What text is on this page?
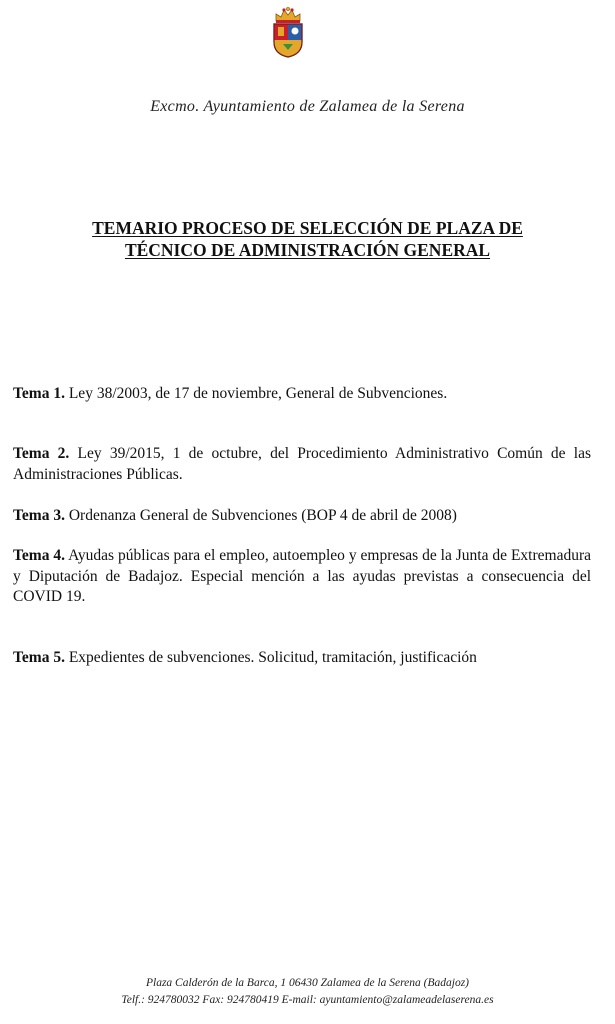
Excmo. Ayuntamiento de Zalamea de la Serena
TEMARIO PROCESO DE SELECCIÓN DE PLAZA DE
TÉCNICO DE ADMINISTRACIÓN GENERAL
Tema 1. Ley 38/2003, de 17 de noviembre, General de Subvenciones.
Tema 2. Ley 39/2015, 1 de octubre, del Procedimiento Administrativo Común de las Administraciones Públicas.
Tema 3. Ordenanza General de Subvenciones (BOP 4 de abril de 2008)
Tema 4. Ayudas públicas para el empleo, autoempleo y empresas de la Junta de Extremadura y Diputación de Badajoz. Especial mención a las ayudas previstas a consecuencia del COVID 19.
Tema 5. Expedientes de subvenciones. Solicitud, tramitación, justificación
Plaza Calderón de la Barca, 1 06430 Zalamea de la Serena (Badajoz)
Telf.: 924780032 Fax: 924780419 E-mail: ayuntamiento@zalameadelaserena.es
